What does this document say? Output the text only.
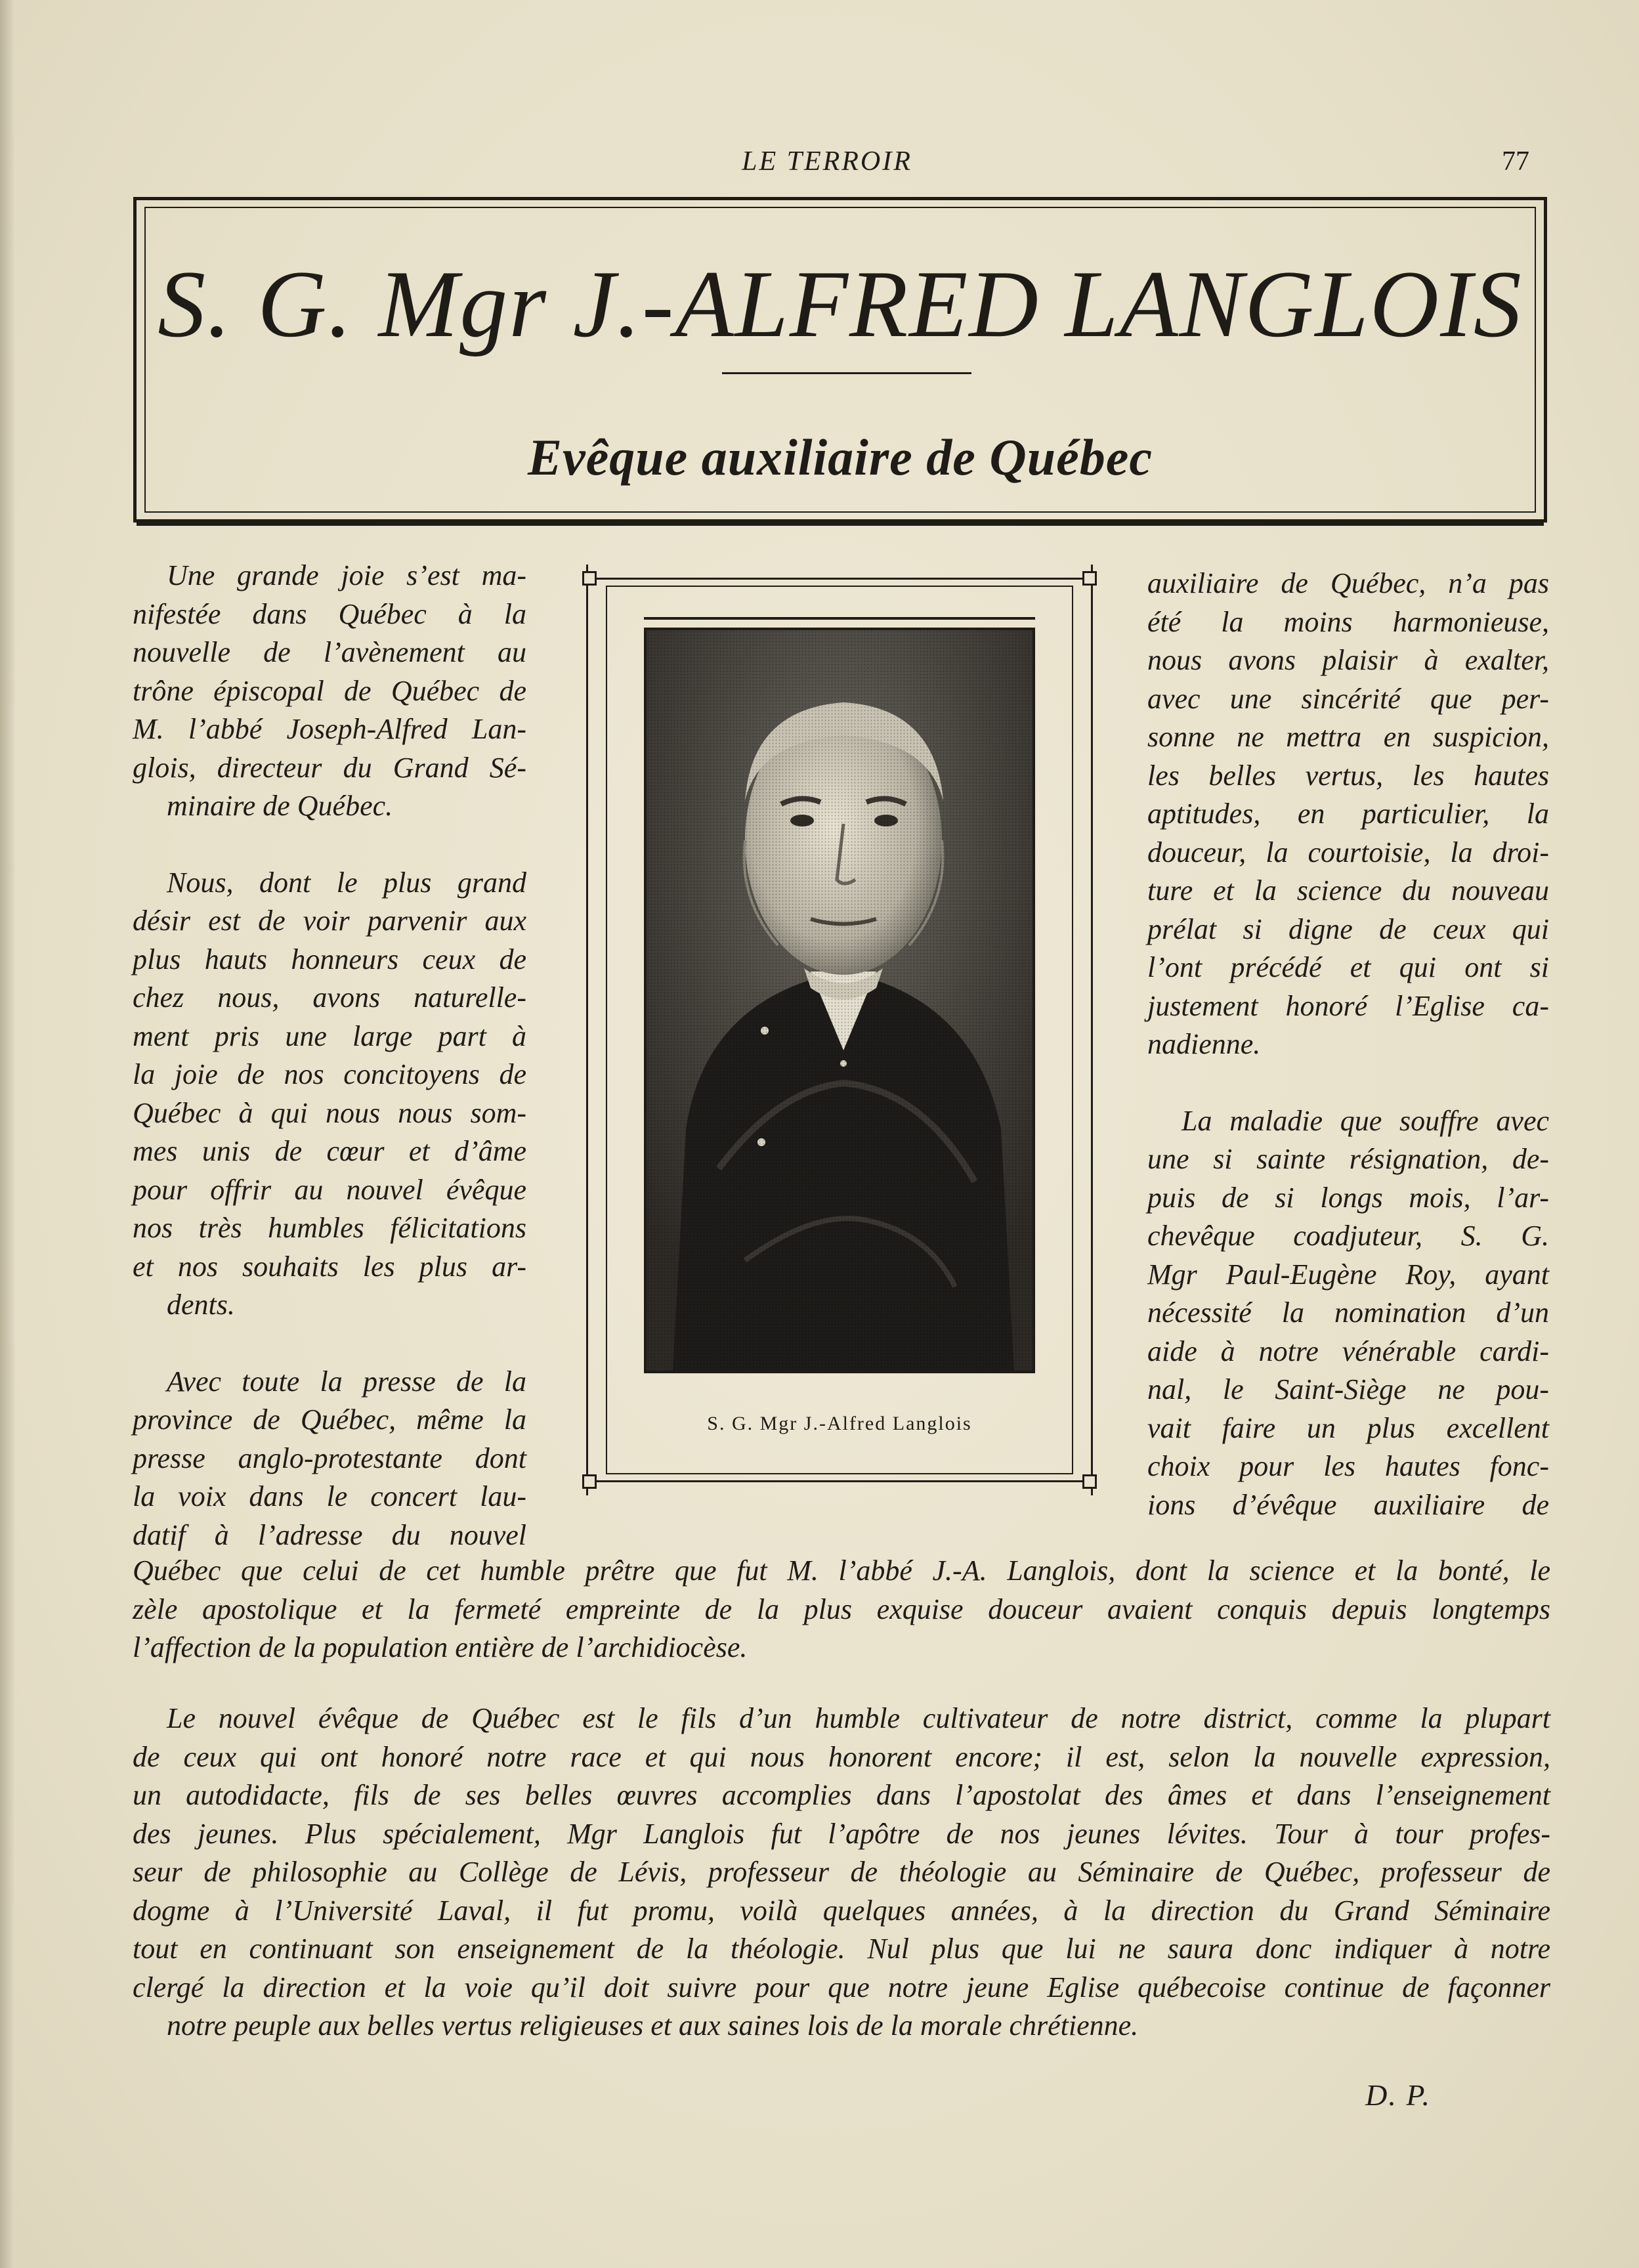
LE TERROIR	77
S. G. Mgr J.-ALFRED LANGLOIS
Evêque auxiliaire de Québec

Une grande joie s’est ma-
nifestée dans Québec à la
nouvelle de l’avènement au
trône épiscopal de Québec de
M. l’abbé Joseph-Alfred Lan-
glois, directeur du Grand Sé-
minaire de Québec.

Nous, dont le plus grand
désir est de voir parvenir aux
plus hauts honneurs ceux de
chez nous, avons naturelle-
ment pris une large part à
la joie de nos concitoyens de
Québec à qui nous nous som-
mes unis de cœur et d’âme
pour offrir au nouvel évêque
nos très humbles félicitations
et nos souhaits les plus ar-
dents.

Avec toute la presse de la
province de Québec, même la
presse anglo-protestante dont
la voix dans le concert lau-
datif à l’adresse du nouvel

S. G. Mgr J.-Alfred Langlois

auxiliaire de Québec, n’a pas
été la moins harmonieuse,
nous avons plaisir à exalter,
avec une sincérité que per-
sonne ne mettra en suspicion,
les belles vertus, les hautes
aptitudes, en particulier, la
douceur, la courtoisie, la droi-
ture et la science du nouveau
prélat si digne de ceux qui
l’ont précédé et qui ont si
justement honoré l’Eglise ca-
nadienne.

La maladie que souffre avec
une si sainte résignation, de-
puis de si longs mois, l’ar-
chevêque coadjuteur, S. G.
Mgr Paul-Eugène Roy, ayant
nécessité la nomination d’un
aide à notre vénérable cardi-
nal, le Saint-Siège ne pou-
vait faire un plus excellent
choix pour les hautes fonc-
ions d’évêque auxiliaire de

Québec que celui de cet humble prêtre que fut M. l’abbé J.-A. Langlois, dont la science et la bonté, le
zèle apostolique et la fermeté empreinte de la plus exquise douceur avaient conquis depuis longtemps
l’affection de la population entière de l’archidiocèse.

Le nouvel évêque de Québec est le fils d’un humble cultivateur de notre district, comme la plupart
de ceux qui ont honoré notre race et qui nous honorent encore; il est, selon la nouvelle expression,
un autodidacte, fils de ses belles œuvres accomplies dans l’apostolat des âmes et dans l’enseignement
des jeunes. Plus spécialement, Mgr Langlois fut l’apôtre de nos jeunes lévites. Tour à tour profes-
seur de philosophie au Collège de Lévis, professeur de théologie au Séminaire de Québec, professeur de
dogme à l’Université Laval, il fut promu, voilà quelques années, à la direction du Grand Séminaire
tout en continuant son enseignement de la théologie. Nul plus que lui ne saura donc indiquer à notre
clergé la direction et la voie qu’il doit suivre pour que notre jeune Eglise québecoise continue de façonner
notre peuple aux belles vertus religieuses et aux saines lois de la morale chrétienne.

D. P.
